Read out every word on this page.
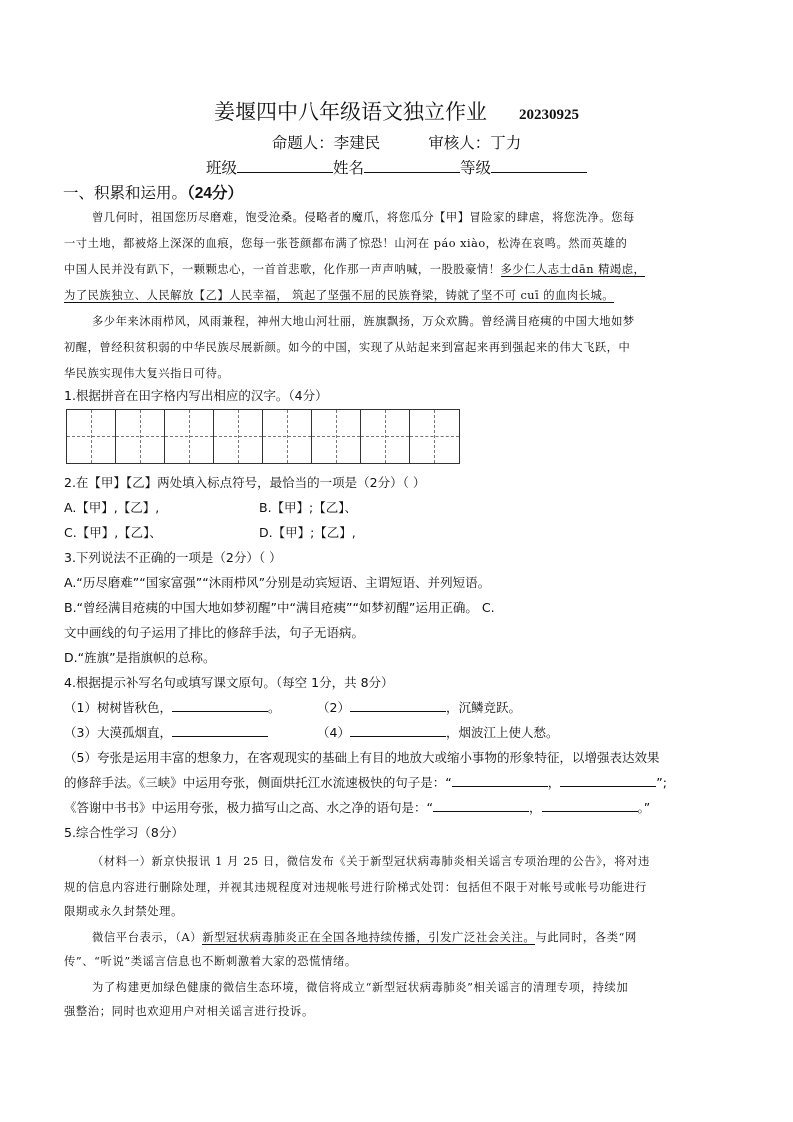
姜堰四中八年级语文独立作业 20230925
命题人：李建民	审核人：丁力
班级	姓名	等级
一、积累和运用。（24分）
曾几何时，祖国您历尽磨难，饱受沧桑。侵略者的魔爪，将您瓜分【甲】冒险家的肆虐，将您洗净。您每
一寸土地，都被烙上深深的血痕，您每一张苍颜都布满了惊恐！山河在 páo xiào，松涛在哀鸣。然而英雄的
中国人民并没有趴下，一颗颗忠心，一首首悲歌，化作那一声声呐喊，一股股豪情！多少仁人志士dān 精竭虑，
为了民族独立、人民解放【乙】人民幸福， 筑起了坚强不屈的民族脊梁，铸就了坚不可 cuī 的血肉长城。
多少年来沐雨栉风，风雨兼程，神州大地山河壮丽，旌旗飘扬，万众欢腾。曾经满目疮痍的中国大地如梦
初醒，曾经积贫积弱的中华民族尽展新颜。如今的中国，实现了从站起来到富起来再到强起来的伟大飞跃，中
华民族实现伟大复兴指日可待。
1.根据拼音在田字格内写出相应的汉字。（4分）
2.在【甲】【乙】两处填入标点符号，最恰当的一项是（2分）（ ）
A.【甲】,【乙】,	B.【甲】;【乙】、
C.【甲】,【乙】、	D.【甲】;【乙】,
3.下列说法不正确的一项是（2分）（ ）
A.“历尽磨难”“国家富强”“沐雨栉风”分别是动宾短语、主谓短语、并列短语。
B.“曾经满目疮痍的中国大地如梦初醒”中“满目疮痍”“如梦初醒”运用正确。 C.
文中画线的句子运用了排比的修辞手法，句子无语病。
D.“旌旗”是指旗帜的总称。
4.根据提示补写名句或填写课文原句。（每空 1分，共 8分）
（1）树树皆秋色，	。	（2）	，沉鳞竞跃。
（3）大漠孤烟直，	（4）	，烟波江上使人愁。
（5）夸张是运用丰富的想象力，在客观现实的基础上有目的地放大或缩小事物的形象特征，以增强表达效果
的修辞手法。《三峡》中运用夸张，侧面烘托江水流速极快的句子是：“	，	”;
《答谢中书书》中运用夸张，极力描写山之高、水之净的语句是：“	，	。”
5.综合性学习（8分）
（材料一）新京快报讯 1 月 25 日，微信发布《关于新型冠状病毒肺炎相关谣言专项治理的公告》，将对违
规的信息内容进行删除处理，并视其违规程度对违规帐号进行阶梯式处罚：包括但不限于对帐号或帐号功能进行
限期或永久封禁处理。
微信平台表示，（A）新型冠状病毒肺炎正在全国各地持续传播，引发广泛社会关注。与此同时，各类“网
传”、“听说”类谣言信息也不断刺激着大家的恐慌情绪。
为了构建更加绿色健康的微信生态环境，微信将成立“新型冠状病毒肺炎”相关谣言的清理专项，持续加
强整治；同时也欢迎用户对相关谣言进行投诉。
